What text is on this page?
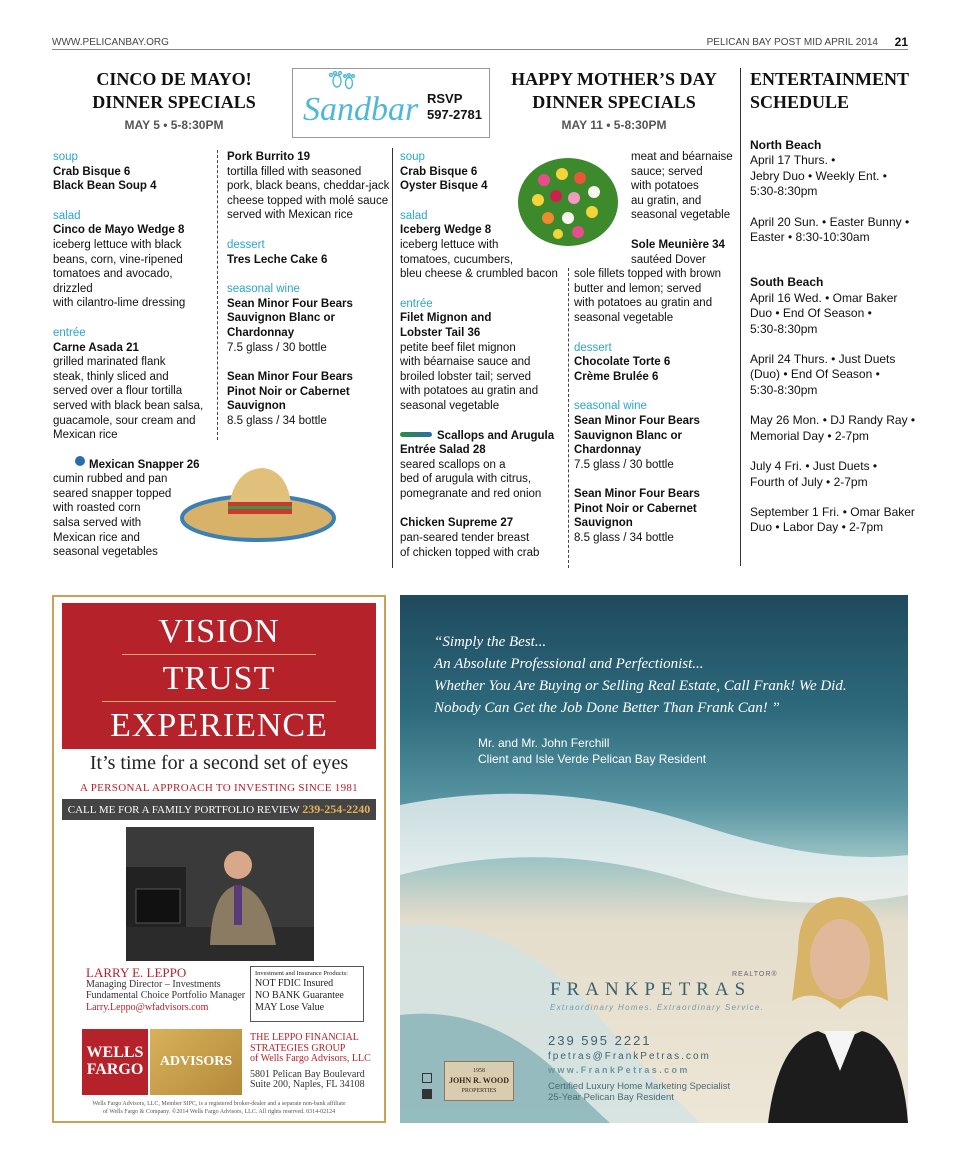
WWW.PELICANBAY.ORG	PELICAN BAY POST MID APRIL 2014 21
CINCO DE MAYO!
DINNER SPECIALS
MAY 5 • 5-8:30PM	Sandbar RSVP
597-2781
HAPPY MOTHER’S DAY
DINNER SPECIALS
MAY 11 • 5-8:30PM
ENTERTAINMENT
SCHEDULE
soup
Crab Bisque 6
Black Bean Soup 4
salad
Cinco de Mayo Wedge 8
iceberg lettuce with black
beans, corn, vine-ripened
tomatoes and avocado, drizzled
with cilantro-lime dressing
entrée
Carne Asada 21
grilled marinated flank
steak, thinly sliced and
served over a flour tortilla
served with black bean salsa,
guacamole, sour cream and
Mexican rice
Mexican Snapper 26
cumin rubbed and pan
seared snapper topped
with roasted corn
salsa served with
Mexican rice and
seasonal vegetables
Pork Burrito 19
tortilla filled with seasoned
pork, black beans, cheddar-jack
cheese topped with molé sauce
served with Mexican rice
dessert
Tres Leche Cake 6
seasonal wine
Sean Minor Four Bears
Sauvignon Blanc or
Chardonnay
7.5 glass / 30 bottle
Sean Minor Four Bears
Pinot Noir or Cabernet
Sauvignon
8.5 glass / 34 bottle
soup
Crab Bisque 6
Oyster Bisque 4
salad
Iceberg Wedge 8
iceberg lettuce with
tomatoes, cucumbers,
bleu cheese & crumbled bacon
entrée
Filet Mignon and
Lobster Tail 36
petite beef filet mignon
with béarnaise sauce and
broiled lobster tail; served
with potatoes au gratin and
seasonal vegetable
Scallops and Arugula
Entrée Salad 28
seared scallops on a
bed of arugula with citrus,
pomegranate and red onion
Chicken Supreme 27
pan-seared tender breast
of chicken topped with crab
meat and béarnaise
sauce; served
with potatoes
au gratin, and
seasonal vegetable
Sole Meunière 34
sautéed Dover
sole fillets topped with brown
butter and lemon; served
with potatoes au gratin and
seasonal vegetable
dessert
Chocolate Torte 6
Crème Brulée 6
seasonal wine
Sean Minor Four Bears
Sauvignon Blanc or
Chardonnay
7.5 glass / 30 bottle
Sean Minor Four Bears
Pinot Noir or Cabernet
Sauvignon
8.5 glass / 34 bottle

North Beach

April 17 Thurs. •
Jebry Duo • Weekly Ent. •
5:30-8:30pm

April 20 Sun. • Easter Bunny •
Easter • 8:30-10:30am

South Beach

April 16 Wed. • Omar Baker
Duo • End Of Season •
5:30-8:30pm

April 24 Thurs. • Just Duets
(Duo) • End Of Season •
5:30-8:30pm

May 26 Mon. • DJ Randy Ray •
Memorial Day • 2-7pm

July 4 Fri. • Just Duets •
Fourth of July • 2-7pm

September 1 Fri. • Omar Baker
Duo • Labor Day • 2-7pm

VISION
TRUST
EXPERIENCE
It’s time for a second set of eyes
A PERSONAL APPROACH TO INVESTING SINCE 1981
CALL ME FOR A FAMILY PORTFOLIO REVIEW 239-254-2240
LARRY E. LEPPO
Managing Director – Investments
Fundamental Choice Portfolio Manager
Larry.Leppo@wfadvisors.com
Investment and Insurance Products:
NOT FDIC Insured
NO BANK Guarantee
MAY Lose Value
WELLS
FARGO	ADVISORS
THE LEPPO FINANCIAL
STRATEGIES GROUP
of Wells Fargo Advisors, LLC
5801 Pelican Bay Boulevard
Suite 200, Naples, FL 34108
Wells Fargo Advisors, LLC, Member SIPC, is a registered broker-dealer and a separate non-bank affiliate
of Wells Fargo & Company. ©2014 Wells Fargo Advisors, LLC. All rights reserved. 0314-02124
“Simply the Best...
An Absolute Professional and Perfectionist...
Whether You Are Buying or Selling Real Estate, Call Frank! We Did.
Nobody Can Get the Job Done Better Than Frank Can! ”
Mr. and Mr. John Ferchill
Client and Isle Verde Pelican Bay Resident
REALTOR®
FRANKPETRAS
Extraordinary Homes. Extraordinary Service.
239 595 2221
fpetras@FrankPetras.com
www.FrankPetras.com
Certified Luxury Home Marketing Specialist
25-Year Pelican Bay Resident
1958
JOHN R. WOOD
PROPERTIES
